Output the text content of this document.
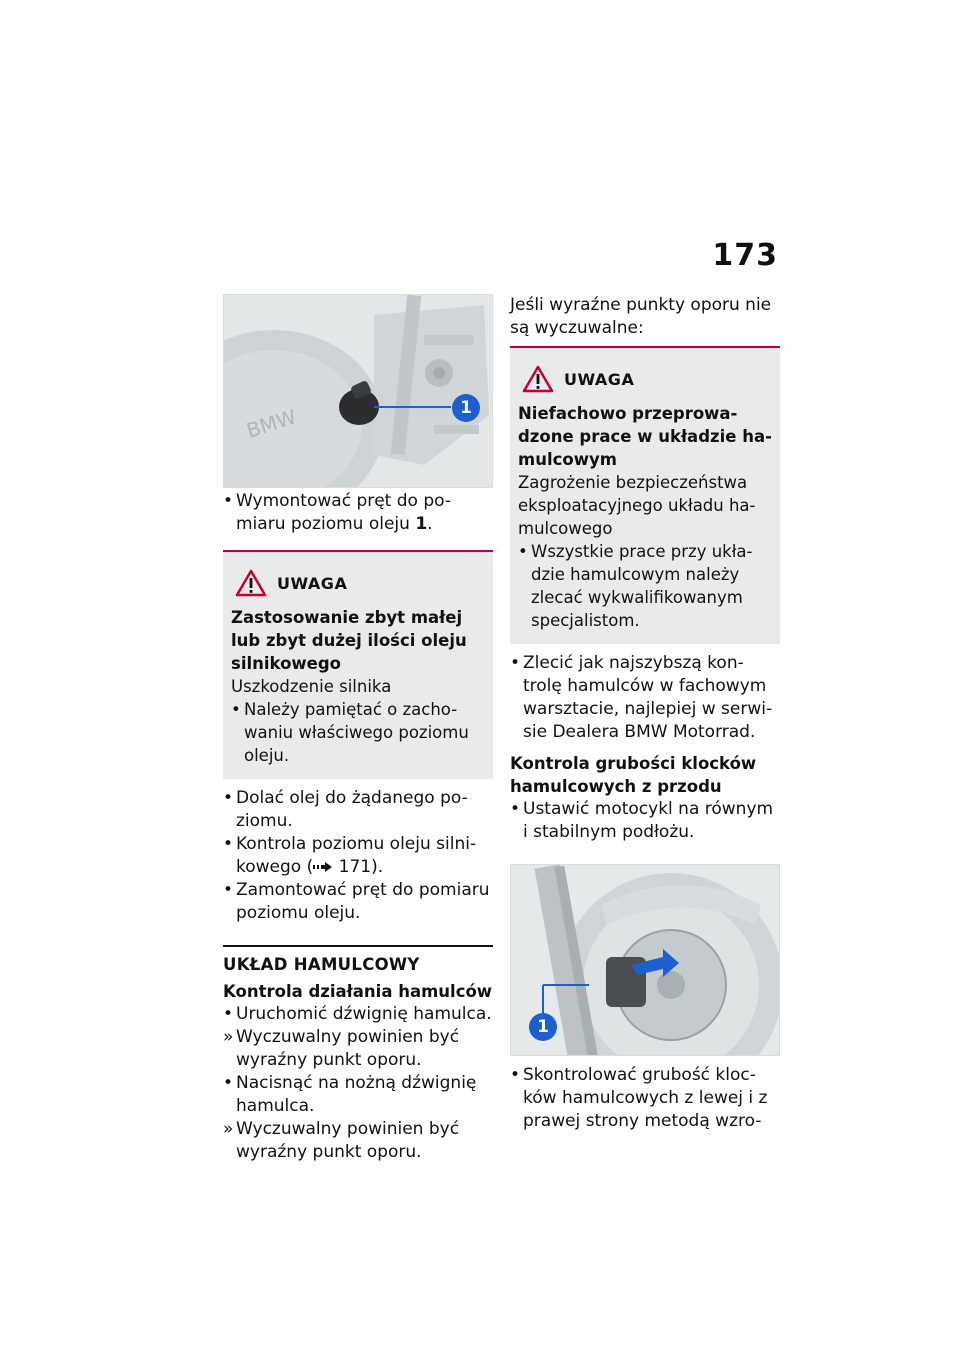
173
BMW	1
• Wymontować pręt do po-miaru poziomu oleju 1.
UWAGA
Zastosowanie zbyt małej lub zbyt dużej ilości oleju silnikowego
Uszkodzenie silnika
• Należy pamiętać o zacho-waniu właściwego poziomu oleju.
• Dolać olej do żądanego po-ziomu.
• Kontrola poziomu oleju silni-kowego ( 171).
• Zamontować pręt do pomiaru poziomu oleju.
UKŁAD HAMULCOWY
Kontrola działania hamulców
• Uruchomić dźwignię hamulca.
» Wyczuwalny powinien być wyraźny punkt oporu.
• Nacisnąć na nożną dźwignię hamulca.
» Wyczuwalny powinien być wyraźny punkt oporu.
Jeśli wyraźne punkty oporu nie są wyczuwalne:
UWAGA
Niefachowo przeprowa-dzone prace w układzie ha-mulcowym
Zagrożenie bezpieczeństwa eksploatacyjnego układu ha-mulcowego
• Wszystkie prace przy ukła-dzie hamulcowym należy zlecać wykwalifikowanym specjalistom.
• Zlecić jak najszybszą kon-trolę hamulców w fachowym warsztacie, najlepiej w serwi-sie Dealera BMW Motorrad.
Kontrola grubości klocków hamulcowych z przodu
• Ustawić motocykl na równym i stabilnym podłożu.
1
• Skontrolować grubość kloc-ków hamulcowych z lewej i z prawej strony metodą wzro-
